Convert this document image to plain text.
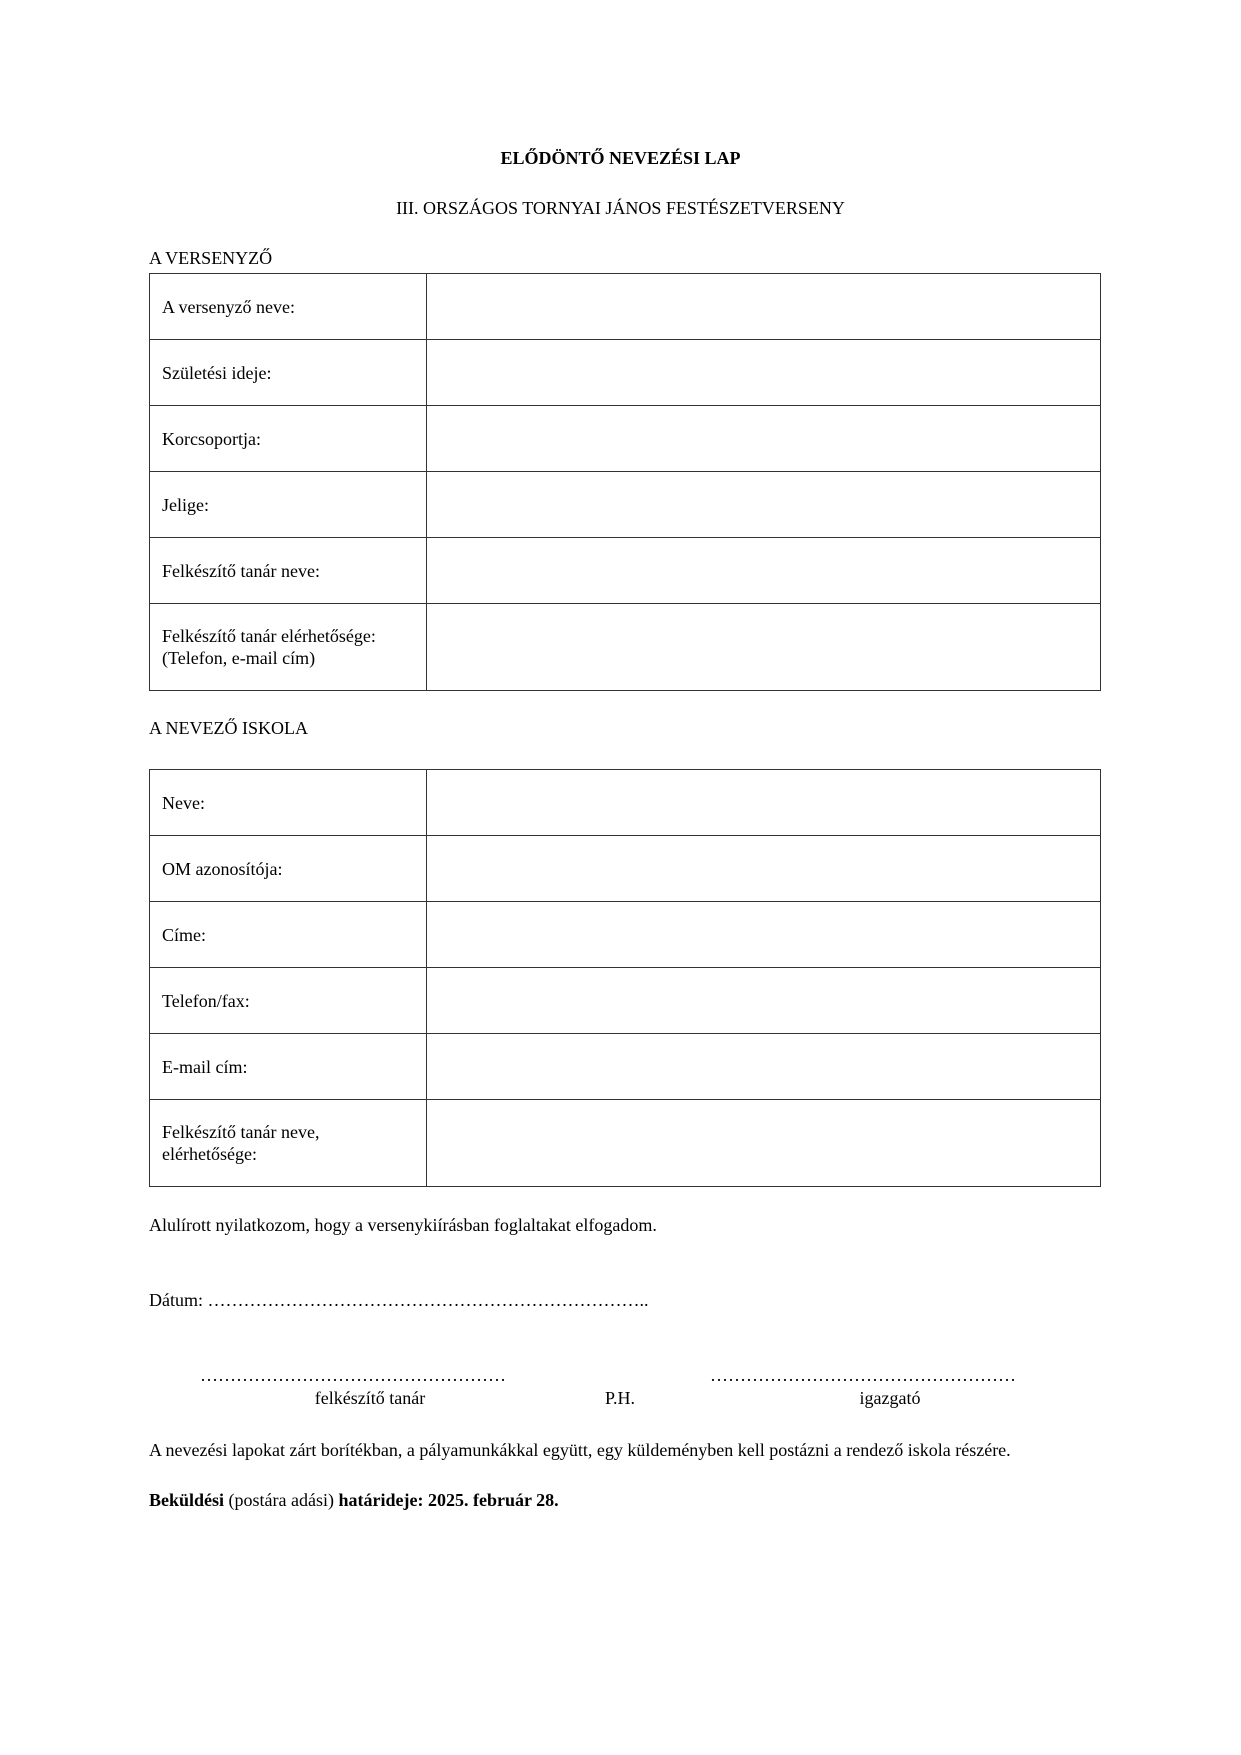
ELŐDÖNTŐ NEVEZÉSI LAP
III. ORSZÁGOS TORNYAI JÁNOS FESTÉSZETVERSENY
A VERSENYZŐ
A versenyző neve:	
Születési ideje:	
Korcsoportja:	
Jelige:	
Felkészítő tanár neve:	

Felkészítő tanár elérhetősége:
(Telefon, e-mail cím)	

A NEVEZŐ ISKOLA
Neve:	
OM azonosítója:	
Címe:	
Telefon/fax:	
E-mail cím:	

Felkészítő tanár neve,
elérhetősége:	

Alulírott nyilatkozom, hogy a versenykiírásban foglaltakat elfogadom.
Dátum: ………………………………………………………………..
……………………………………………	……………………………………………
felkészítő tanár	P.H.	igazgató
A nevezési lapokat zárt borítékban, a pályamunkákkal együtt, egy küldeményben kell postázni a rendező iskola részére.
Beküldési (postára adási) határideje: 2025. február 28.
